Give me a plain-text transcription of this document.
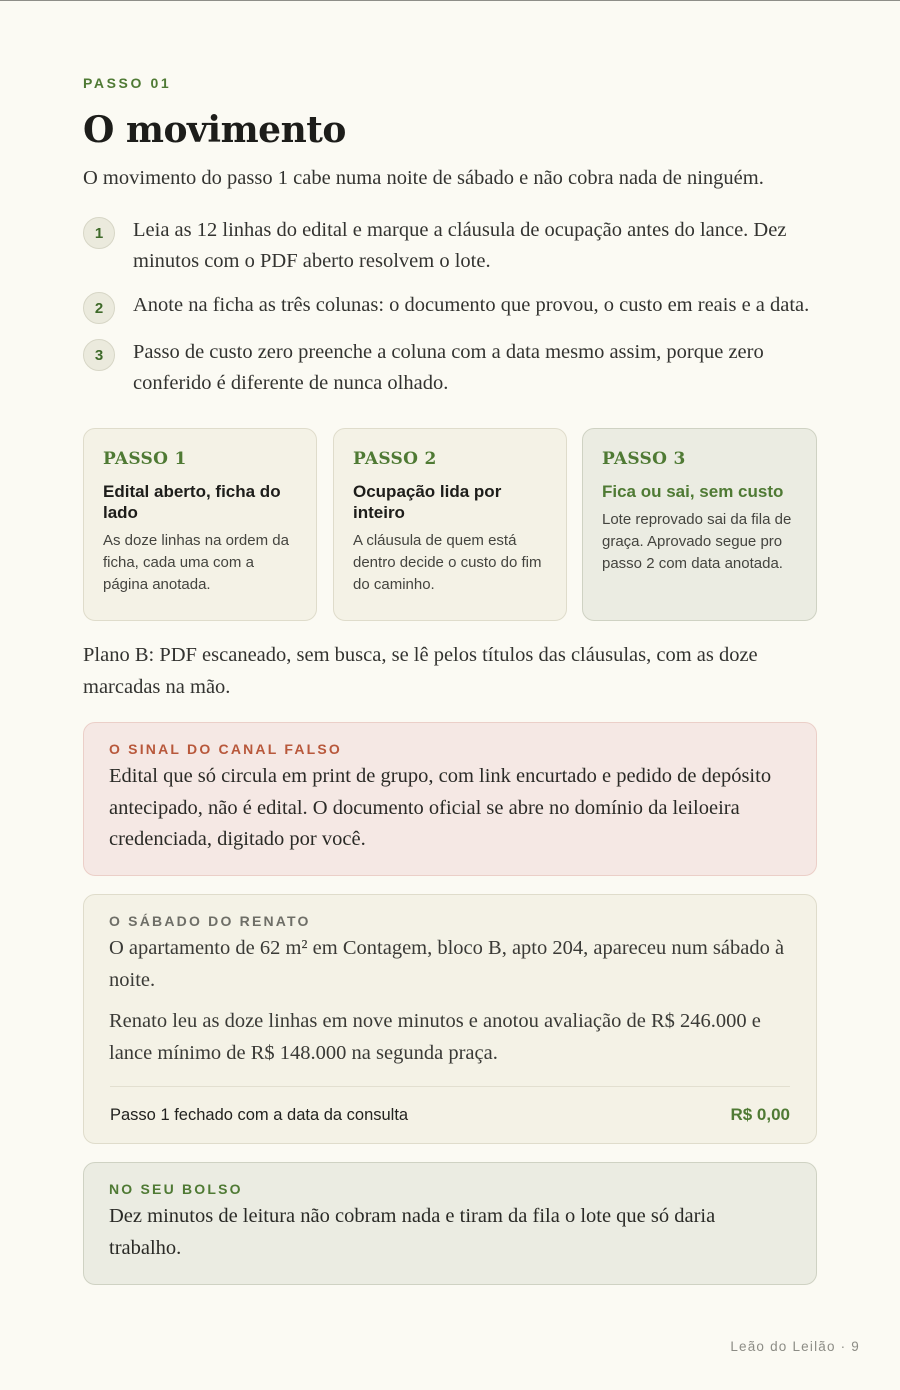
PASSO 01
O movimento

O movimento do passo 1 cabe numa noite de sábado e não cobra nada de ninguém.

1	Leia as 12 linhas do edital e marque a cláusula de ocupação antes do lance. Dez minutos com o PDF aberto resolvem o lote.
2	Anote na ficha as três colunas: o documento que provou, o custo em reais e a data.
3	Passo de custo zero preenche a coluna com a data mesmo assim, porque zero conferido é diferente de nunca olhado.
PASSO 1
Edital aberto, ficha do lado
As doze linhas na ordem da ficha, cada uma com a página anotada.
PASSO 2
Ocupação lida por inteiro
A cláusula de quem está dentro decide o custo do fim do caminho.
PASSO 3
Fica ou sai, sem custo
Lote reprovado sai da fila de graça. Aprovado segue pro passo 2 com data anotada.

Plano B: PDF escaneado, sem busca, se lê pelos títulos das cláusulas, com as doze marcadas na mão.

O SINAL DO CANAL FALSO

Edital que só circula em print de grupo, com link encurtado e pedido de depósito antecipado, não é edital. O documento oficial se abre no domínio da leiloeira credenciada, digitado por você.

O SÁBADO DO RENATO

O apartamento de 62 m² em Contagem, bloco B, apto 204, apareceu num sábado à noite.

Renato leu as doze linhas em nove minutos e anotou avaliação de R$ 246.000 e lance mínimo de R$ 148.000 na segunda praça.

Passo 1 fechado com a data da consulta	R$ 0,00
NO SEU BOLSO

Dez minutos de leitura não cobram nada e tiram da fila o lote que só daria trabalho.

Leão do Leilão · 9
